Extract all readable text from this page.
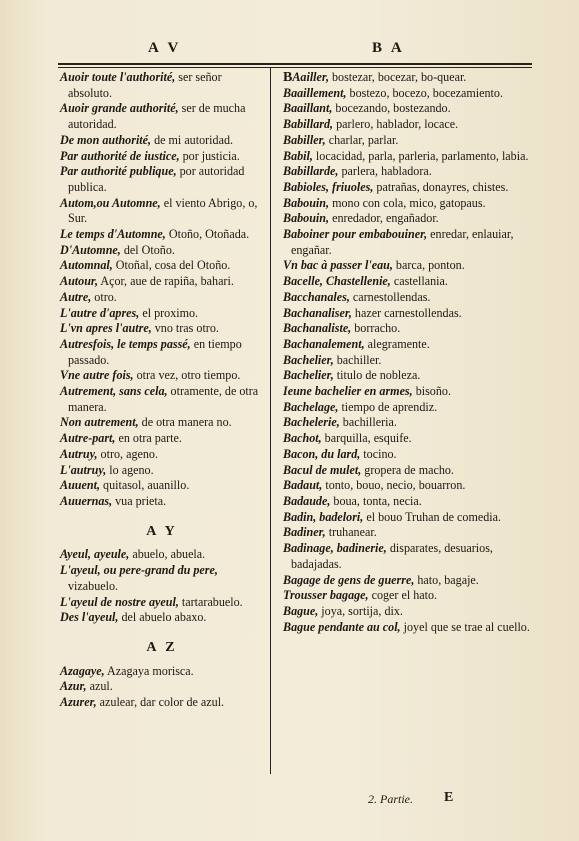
A V	B A

Auoir toute l'authorité, ser señor absoluto.

Auoir grande authorité, ser de mucha autoridad.

De mon authorité, de mi autoridad.

Par authorité de iustice, por justicia.

Par authorité publique, por autoridad publica.

Autom,ou Automne, el viento Abrigo, o, Sur.

Le temps d'Automne, Otoño, Otoñada.

D'Automne, del Otoño.

Automnal, Otoñal, cosa del Otoño.

Autour, Açor, aue de rapiña, bahari.

Autre, otro.

L'autre d'apres, el proximo.

L'vn apres l'autre, vno tras otro.

Autresfois, le temps passé, en tiempo passado.

Vne autre fois, otra vez, otro tiempo.

Autrement, sans cela, otramente, de otra manera.

Non autrement, de otra manera no.

Autre-part, en otra parte.

Autruy, otro, ageno.

L'autruy, lo ageno.

Auuent, quitasol, auanillo.

Auuernas, vua prieta.

A Y

Ayeul, ayeule, abuelo, abuela.

L'ayeul, ou pere-grand du pere, vizabuelo.

L'ayeul de nostre ayeul, tartarabuelo.

Des l'ayeul, del abuelo abaxo.

A Z

Azagaye, Azagaya morisca.

Azur, azul.

Azurer, azulear, dar color de azul.

BAailler, bostezar, bocezar, bo-quear.

Baaillement, bostezo, bocezo, bocezamiento.

Baaillant, bocezando, bostezando.

Babillard, parlero, hablador, locace.

Babiller, charlar, parlar.

Babil, locacidad, parla, parleria, parlamento, labia.

Babillarde, parlera, habladora.

Babioles, friuoles, patrañas, donayres, chistes.

Babouin, mono con cola, mico, gatopaus.

Babouin, enredador, engañador.

Baboiner pour embabouiner, enredar, enlauiar, engañar.

Vn bac à passer l'eau, barca, ponton.

Bacelle, Chastellenie, castellania.

Bacchanales, carnestollendas.

Bachanaliser, hazer carnestollendas.

Bachanaliste, borracho.

Bachanalement, alegramente.

Bachelier, bachiller.

Bachelier, titulo de nobleza.

Ieune bachelier en armes, bisoño.

Bachelage, tiempo de aprendiz.

Bachelerie, bachilleria.

Bachot, barquilla, esquife.

Bacon, du lard, tocino.

Bacul de mulet, gropera de macho.

Badaut, tonto, bouo, necio, bouarron.

Badaude, boua, tonta, necia.

Badin, badelori, el bouo Truhan de comedia.

Badiner, truhanear.

Badinage, badinerie, disparates, desuarios, badajadas.

Bagage de gens de guerre, hato, bagaje.

Trousser bagage, coger el hato.

Bague, joya, sortija, dix.

Bague pendante au col, joyel que se trae al cuello.

2. Partie. E
